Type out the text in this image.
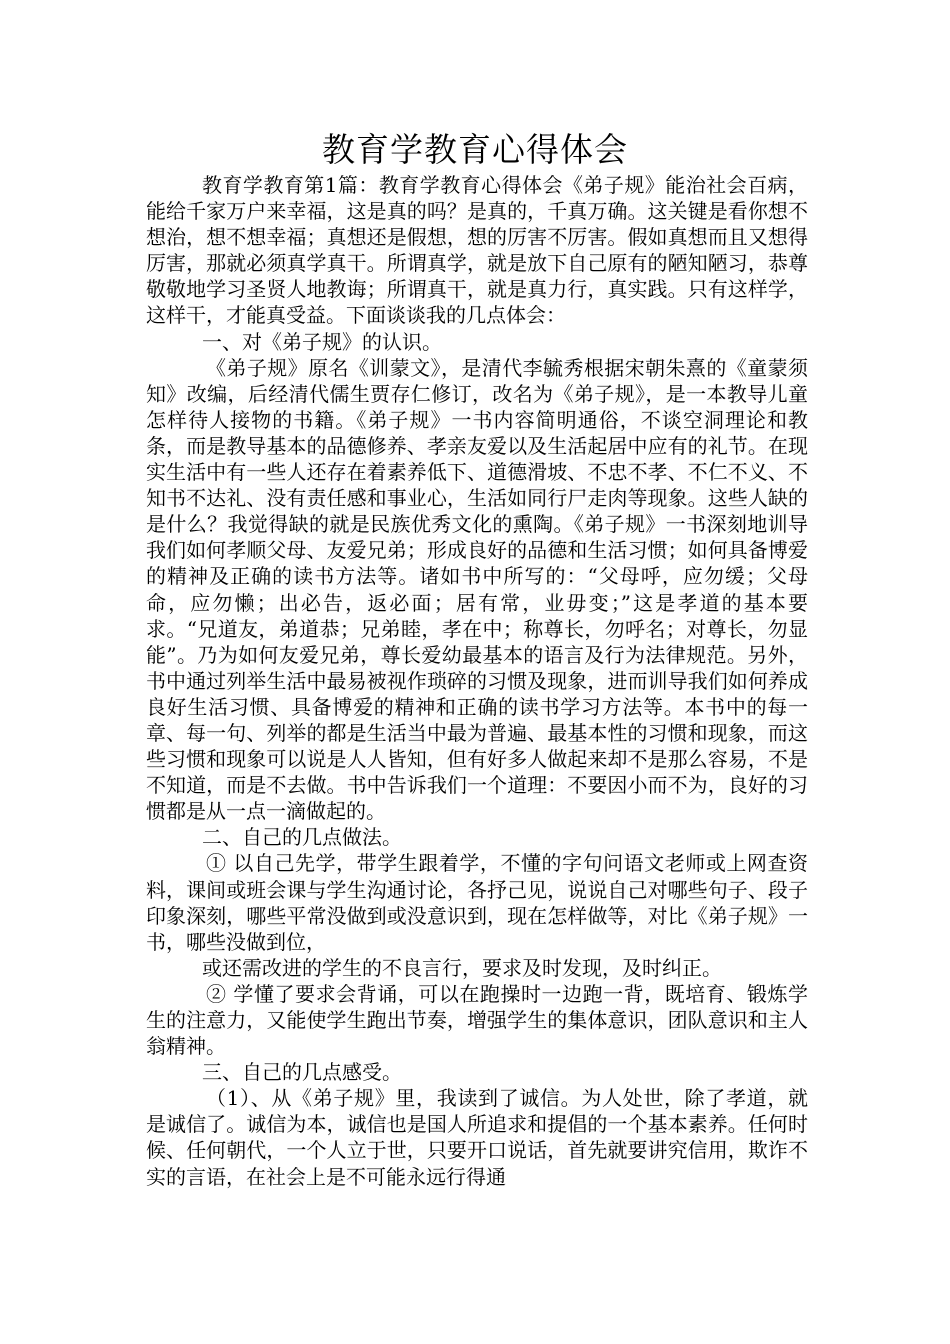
教育学教育心得体会

教育学教育第1篇：教育学教育心得体会《弟子规》能治社会百病，能给千家万户来幸福，这是真的吗？是真的，千真万确。这关键是看你想不想治，想不想幸福；真想还是假想，想的厉害不厉害。假如真想而且又想得厉害，那就必须真学真干。所谓真学，就是放下自己原有的陋知陋习，恭尊敬敬地学习圣贤人地教诲；所谓真干，就是真力行，真实践。只有这样学，这样干，才能真受益。下面谈谈我的几点体会：

一、对《弟子规》的认识。

《弟子规》原名《训蒙文》，是清代李毓秀根据宋朝朱熹的《童蒙须知》改编，后经清代儒生贾存仁修订，改名为《弟子规》，是一本教导儿童怎样待人接物的书籍。《弟子规》一书内容简明通俗，不谈空洞理论和教条，而是教导基本的品德修养、孝亲友爱以及生活起居中应有的礼节。在现实生活中有一些人还存在着素养低下、道德滑坡、不忠不孝、不仁不义、不知书不达礼、没有责任感和事业心，生活如同行尸走肉等现象。这些人缺的是什么？我觉得缺的就是民族优秀文化的熏陶。《弟子规》一书深刻地训导我们如何孝顺父母、友爱兄弟；形成良好的品德和生活习惯；如何具备博爱的精神及正确的读书方法等。诸如书中所写的：“父母呼，应勿缓；父母命，应勿懒；出必告，返必面；居有常，业毋变；”这是孝道的基本要求。“兄道友，弟道恭；兄弟睦，孝在中；称尊长，勿呼名；对尊长，勿显能”。乃为如何友爱兄弟，尊长爱幼最基本的语言及行为法律规范。另外，书中通过列举生活中最易被视作琐碎的习惯及现象，进而训导我们如何养成良好生活习惯、具备博爱的精神和正确的读书学习方法等。本书中的每一章、每一句、列举的都是生活当中最为普遍、最基本性的习惯和现象，而这些习惯和现象可以说是人人皆知，但有好多人做起来却不是那么容易，不是不知道，而是不去做。书中告诉我们一个道理：不要因小而不为，良好的习惯都是从一点一滴做起的。

二、自己的几点做法。

① 以自己先学，带学生跟着学，不懂的字句问语文老师或上网查资料，课间或班会课与学生沟通讨论，各抒己见，说说自己对哪些句子、段子印象深刻，哪些平常没做到或没意识到，现在怎样做等，对比《弟子规》一书，哪些没做到位，

或还需改进的学生的不良言行，要求及时发现，及时纠正。

② 学懂了要求会背诵，可以在跑操时一边跑一背，既培育、锻炼学生的注意力，又能使学生跑出节奏，增强学生的集体意识，团队意识和主人翁精神。

三、自己的几点感受。

（1）、从《弟子规》里，我读到了诚信。为人处世，除了孝道，就是诚信了。诚信为本，诚信也是国人所追求和提倡的一个基本素养。任何时候、任何朝代，一个人立于世，只要开口说话，首先就要讲究信用，欺诈不实的言语，在社会上是不可能永远行得通
